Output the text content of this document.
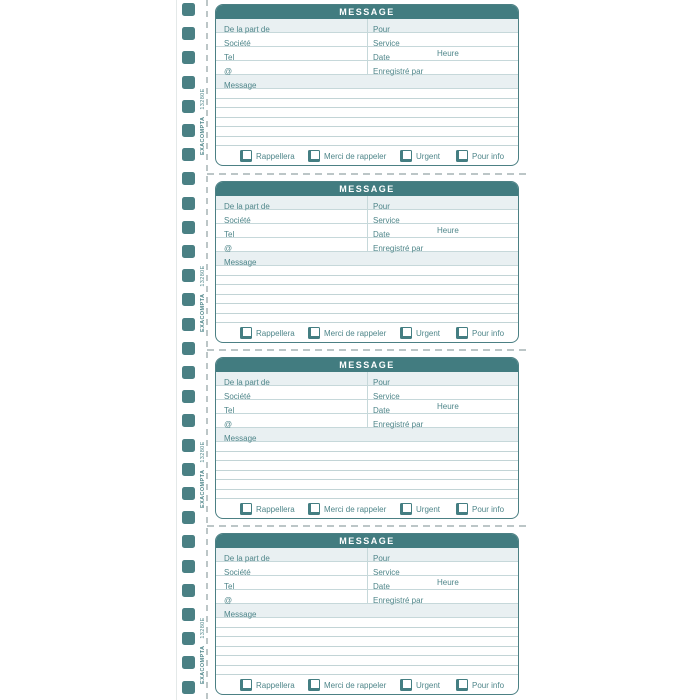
MESSAGE
De la part de	Pour
Société	Service
Tel	Date	Heure
@	Enregistré par
Message
Rappellera	Merci de rappeler	Urgent	Pour info
EXACOMPTA13280E
MESSAGE
De la part de	Pour
Société	Service
Tel	Date	Heure
@	Enregistré par
Message
Rappellera	Merci de rappeler	Urgent	Pour info
EXACOMPTA13280E
MESSAGE
De la part de	Pour
Société	Service
Tel	Date	Heure
@	Enregistré par
Message
Rappellera	Merci de rappeler	Urgent	Pour info
EXACOMPTA13280E
MESSAGE
De la part de	Pour
Société	Service
Tel	Date	Heure
@	Enregistré par
Message
Rappellera	Merci de rappeler	Urgent	Pour info
EXACOMPTA13280E
